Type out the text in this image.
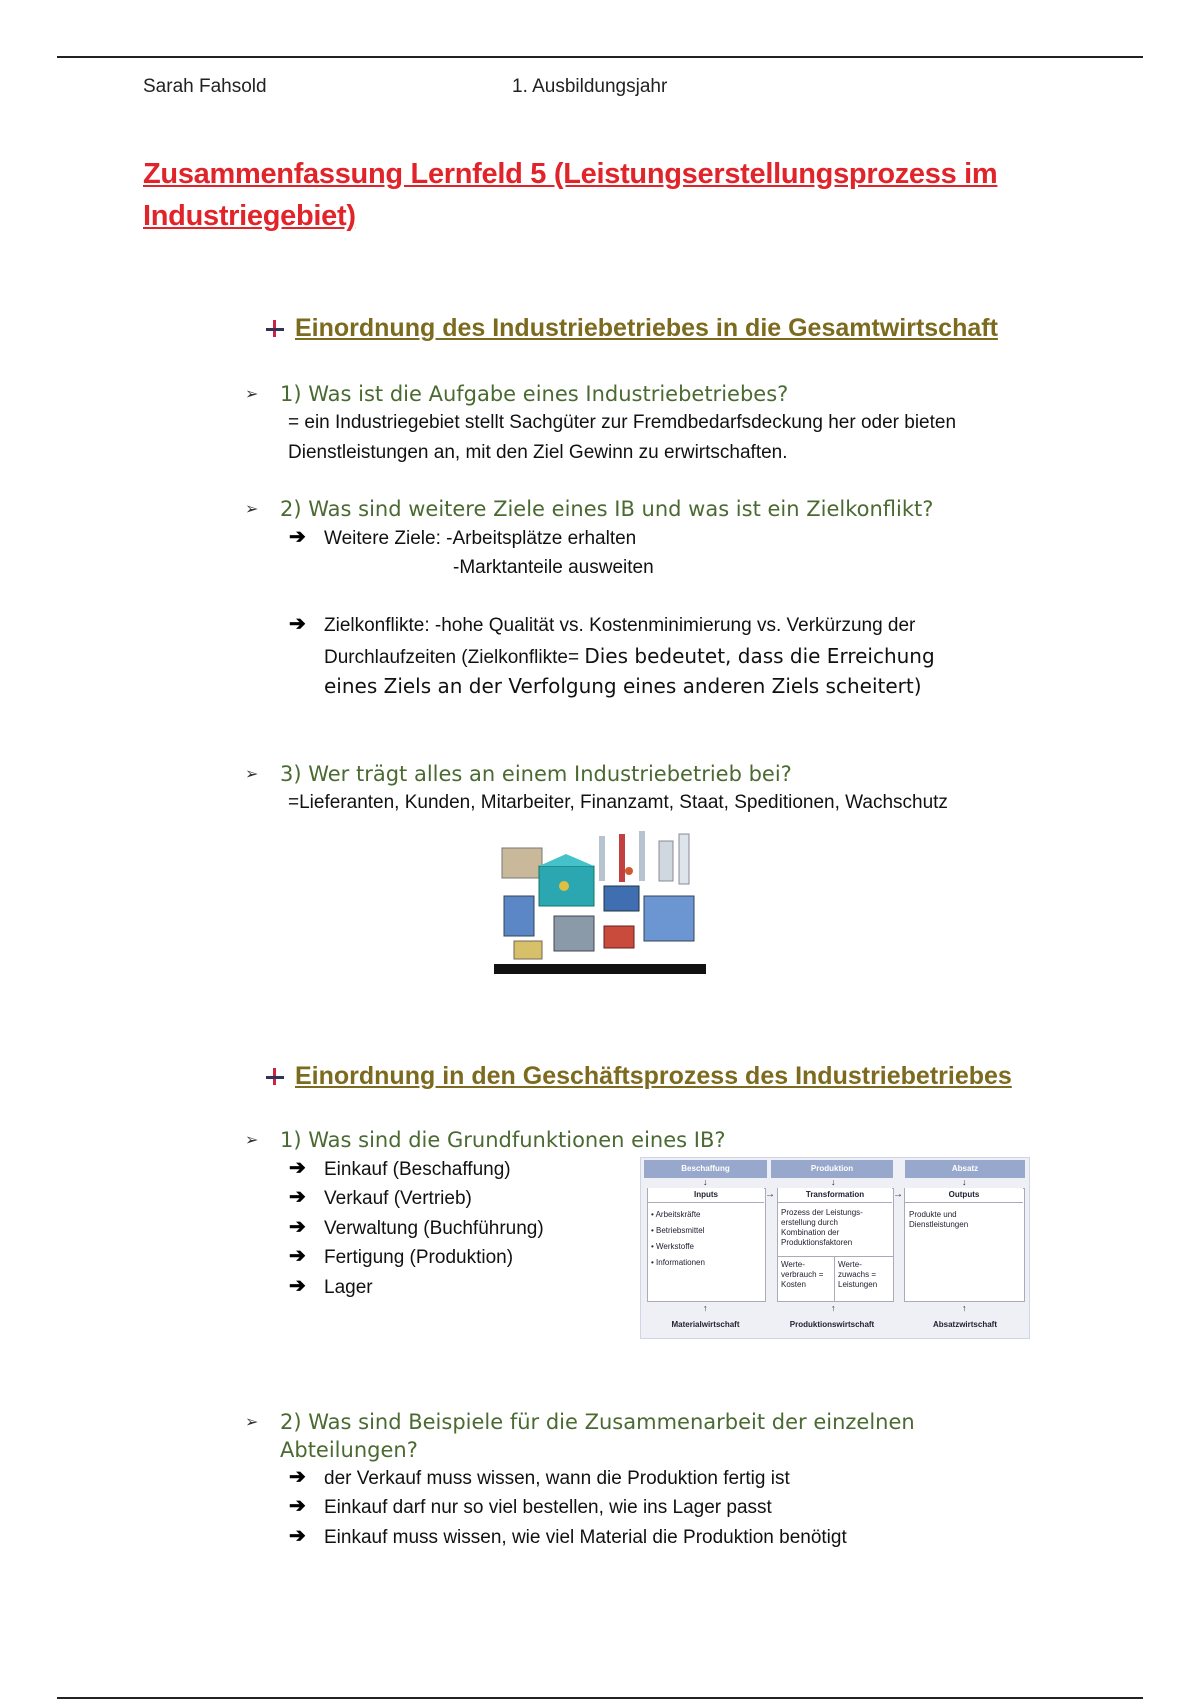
Sarah Fahsold	1. Ausbildungsjahr
Zusammenfassung Lernfeld 5 (Leistungserstellungsprozess im Industriegebiet)
Einordnung des Industriebetriebes in die Gesamtwirtschaft
➢ 1) Was ist die Aufgabe eines Industriebetriebes?
= ein Industriegebiet stellt Sachgüter zur Fremdbedarfsdeckung her oder bieten
Dienstleistungen an, mit den Ziel Gewinn zu erwirtschaften.
➢ 2) Was sind weitere Ziele eines IB und was ist ein Zielkonflikt?
➔ Weitere Ziele: -Arbeitsplätze erhalten
-Marktanteile ausweiten
➔ Zielkonflikte: -hohe Qualität vs. Kostenminimierung vs. Verkürzung der
Durchlaufzeiten (Zielkonflikte= Dies bedeutet, dass die Erreichung
eines Ziels an der Verfolgung eines anderen Ziels scheitert)
➢ 3) Wer trägt alles an einem Industriebetrieb bei?
=Lieferanten, Kunden, Mitarbeiter, Finanzamt, Staat, Speditionen, Wachschutz
Einordnung in den Geschäftsprozess des Industriebetriebes
➢ 1) Was sind die Grundfunktionen eines IB?
➔ Einkauf (Beschaffung)
➔ Verkauf (Vertrieb)
➔ Verwaltung (Buchführung)
➔ Fertigung (Produktion)
➔ Lager
Beschaffung	Produktion	Absatz
Inputs	Transformation	Outputs
• Arbeitskräfte
• Betriebsmittel
• Werkstoffe
• Informationen
Prozess der Leistungs-erstellung durch Kombination der Produktionsfaktoren
Werte-verbrauch = Kosten
Werte-zuwachs = Leistungen
Produkte und Dienstleistungen
→	→
↓	↓	↓
↑	↑	↑
Materialwirtschaft	Produktionswirtschaft	Absatzwirtschaft
➢ 2) Was sind Beispiele für die Zusammenarbeit der einzelnen
Abteilungen?
➔ der Verkauf muss wissen, wann die Produktion fertig ist
➔ Einkauf darf nur so viel bestellen, wie ins Lager passt
➔ Einkauf muss wissen, wie viel Material die Produktion benötigt
